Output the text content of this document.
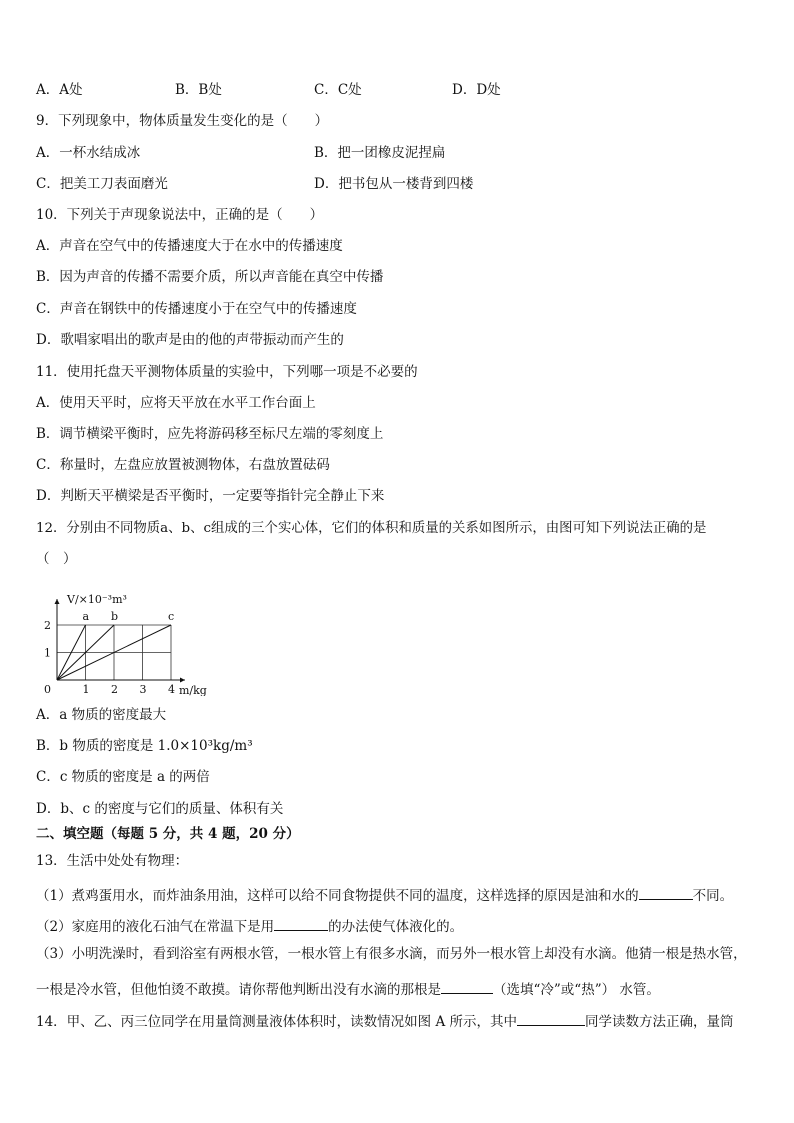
A．A处	B．B处	C．C处	D．D处
9．下列现象中，物体质量发生变化的是（　　）
A．一杯水结成冰	B．把一团橡皮泥捏扁
C．把美工刀表面磨光	D．把书包从一楼背到四楼
10．下列关于声现象说法中，正确的是（　　）
A．声音在空气中的传播速度大于在水中的传播速度
B．因为声音的传播不需要介质，所以声音能在真空中传播
C．声音在钢铁中的传播速度小于在空气中的传播速度
D．歌唱家唱出的歌声是由的他的声带振动而产生的
11．使用托盘天平测物体质量的实验中，下列哪一项是不必要的
A．使用天平时，应将天平放在水平工作台面上
B．调节横梁平衡时，应先将游码移至标尺左端的零刻度上
C．称量时，左盘应放置被测物体，右盘放置砝码
D．判断天平横梁是否平衡时，一定要等指针完全静止下来
12．分别由不同物质a、b、c组成的三个实心体，它们的体积和质量的关系如图所示，由图可知下列说法正确的是
（　）
a b	c
1 2 3 4
1
2
0
V/×10⁻³m³
m/kg
A．a 物质的密度最大
B．b 物质的密度是 1.0×10³kg/m³
C．c 物质的密度是 a 的两倍
D．b、c 的密度与它们的质量、体积有关
二、填空题（每题 5 分，共 4 题，20 分）
13．生活中处处有物理：
（1）煮鸡蛋用水，而炸油条用油，这样可以给不同食物提供不同的温度，这样选择的原因是油和水的	不同。
（2）家庭用的液化石油气在常温下是用	的办法使气体液化的。
（3）小明洗澡时，看到浴室有两根水管，一根水管上有很多水滴，而另外一根水管上却没有水滴。他猜一根是热水管，
一根是冷水管，但他怕烫不敢摸。请你帮他判断出没有水滴的那根是	（选填“冷”或“热”） 水管。
14．甲、乙、丙三位同学在用量筒测量液体体积时，读数情况如图 A 所示，其中	同学读数方法正确，量筒
